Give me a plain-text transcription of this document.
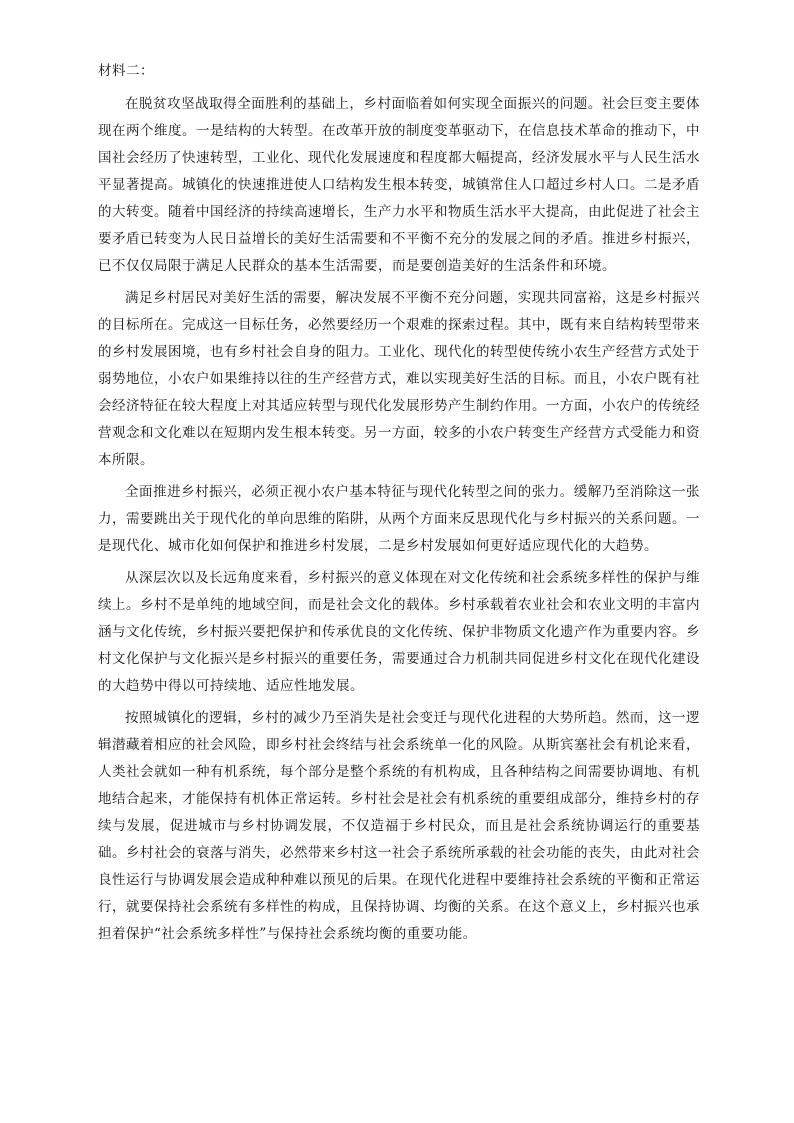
材料二：

在脱贫攻坚战取得全面胜利的基础上，乡村面临着如何实现全面振兴的问题。社会巨变主要体现在两个维度。一是结构的大转型。在改革开放的制度变革驱动下，在信息技术革命的推动下，中国社会经历了快速转型，工业化、现代化发展速度和程度都大幅提高，经济发展水平与人民生活水平显著提高。城镇化的快速推进使人口结构发生根本转变，城镇常住人口超过乡村人口。二是矛盾的大转变。随着中国经济的持续高速增长，生产力水平和物质生活水平大提高，由此促进了社会主要矛盾已转变为人民日益增长的美好生活需要和不平衡不充分的发展之间的矛盾。推进乡村振兴，已不仅仅局限于满足人民群众的基本生活需要，而是要创造美好的生活条件和环境。

满足乡村居民对美好生活的需要，解决发展不平衡不充分问题，实现共同富裕，这是乡村振兴的目标所在。完成这一目标任务，必然要经历一个艰难的探索过程。其中，既有来自结构转型带来的乡村发展困境，也有乡村社会自身的阻力。工业化、现代化的转型使传统小农生产经营方式处于弱势地位，小农户如果维持以往的生产经营方式，难以实现美好生活的目标。而且，小农户既有社会经济特征在较大程度上对其适应转型与现代化发展形势产生制约作用。一方面，小农户的传统经营观念和文化难以在短期内发生根本转变。另一方面，较多的小农户转变生产经营方式受能力和资本所限。

全面推进乡村振兴，必须正视小农户基本特征与现代化转型之间的张力。缓解乃至消除这一张力，需要跳出关于现代化的单向思维的陷阱，从两个方面来反思现代化与乡村振兴的关系问题。一是现代化、城市化如何保护和推进乡村发展，二是乡村发展如何更好适应现代化的大趋势。

从深层次以及长远角度来看，乡村振兴的意义体现在对文化传统和社会系统多样性的保护与维续上。乡村不是单纯的地域空间，而是社会文化的载体。乡村承载着农业社会和农业文明的丰富内涵与文化传统，乡村振兴要把保护和传承优良的文化传统、保护非物质文化遗产作为重要内容。乡村文化保护与文化振兴是乡村振兴的重要任务，需要通过合力机制共同促进乡村文化在现代化建设的大趋势中得以可持续地、适应性地发展。

按照城镇化的逻辑，乡村的减少乃至消失是社会变迁与现代化进程的大势所趋。然而，这一逻辑潜藏着相应的社会风险，即乡村社会终结与社会系统单一化的风险。从斯宾塞社会有机论来看，人类社会就如一种有机系统，每个部分是整个系统的有机构成，且各种结构之间需要协调地、有机地结合起来，才能保持有机体正常运转。乡村社会是社会有机系统的重要组成部分，维持乡村的存续与发展，促进城市与乡村协调发展，不仅造福于乡村民众，而且是社会系统协调运行的重要基础。乡村社会的衰落与消失，必然带来乡村这一社会子系统所承载的社会功能的丧失，由此对社会良性运行与协调发展会造成种种难以预见的后果。在现代化进程中要维持社会系统的平衡和正常运行，就要保持社会系统有多样性的构成，且保持协调、均衡的关系。在这个意义上，乡村振兴也承担着保护“社会系统多样性”与保持社会系统均衡的重要功能。
